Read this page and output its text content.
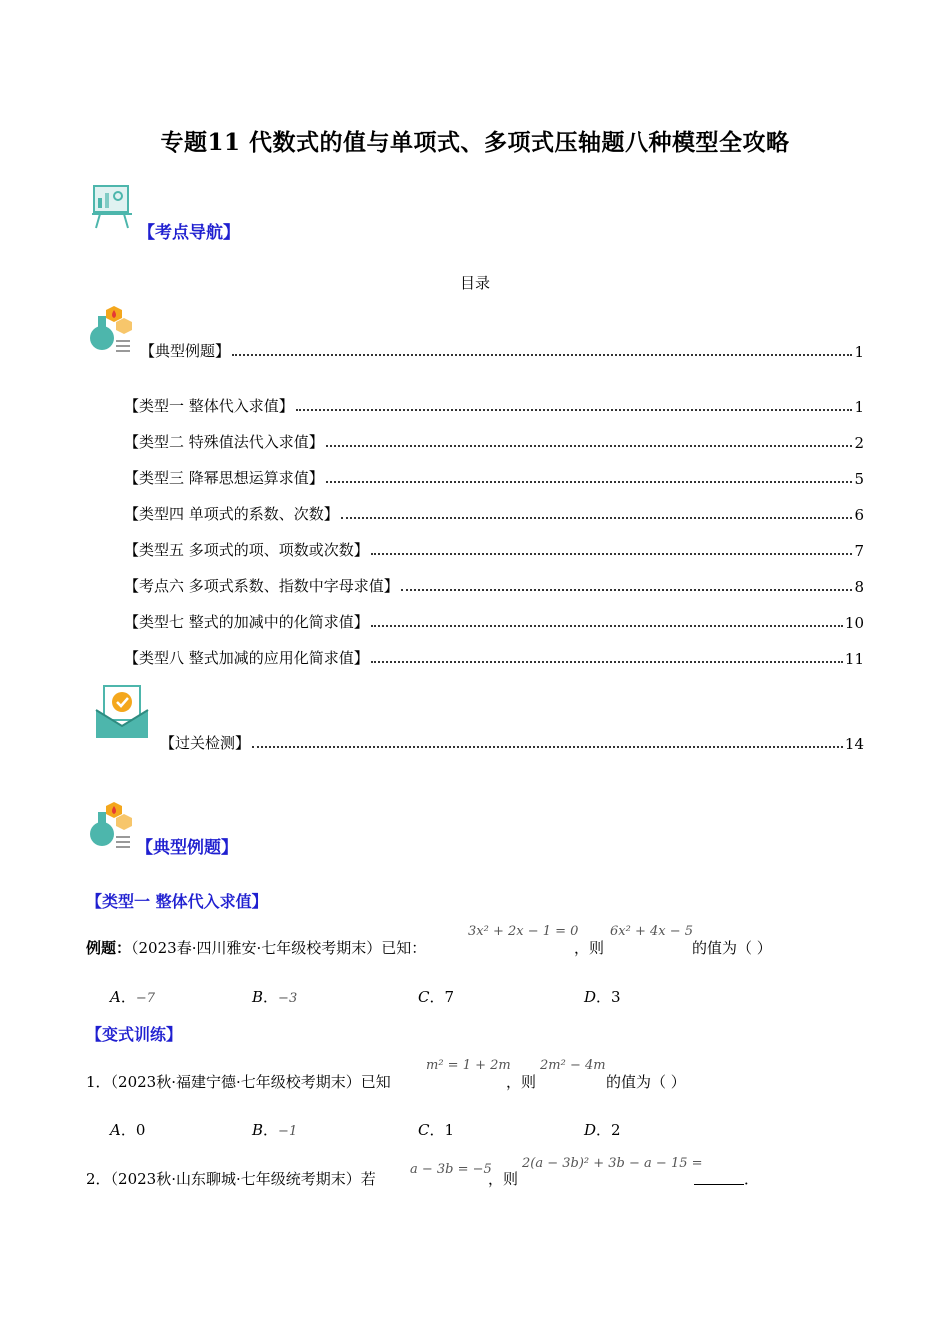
专题11 代数式的值与单项式、多项式压轴题八种模型全攻略
【考点导航】
目录
【典型例题】	1
【类型一 整体代入求值】	1
【类型二 特殊值法代入求值】	2
【类型三 降幂思想运算求值】	5
【类型四 单项式的系数、次数】	6
【类型五 多项式的项、项数或次数】	7
【考点六 多项式系数、指数中字母求值】	8
【类型七 整式的加减中的化简求值】	10
【类型八 整式加减的应用化简求值】	11
【过关检测】	14
【典型例题】
【类型一 整体代入求值】
例题：（2023春·四川雅安·七年级校考期末）已知：
3x² + 2x − 1 = 0
，则
6x² + 4x − 5
的值为（ ）
A．−7	B．−3	C．7	D．3
【变式训练】
1．（2023秋·福建宁德·七年级校考期末）已知
m² = 1 + 2m
，则
2m² − 4m
的值为（ ）
A．0	B．−1	C．1	D．2
2．（2023秋·山东聊城·七年级统考期末）若
a − 3b = −5
，则
2(a − 3b)² + 3b − a − 15 =
．
